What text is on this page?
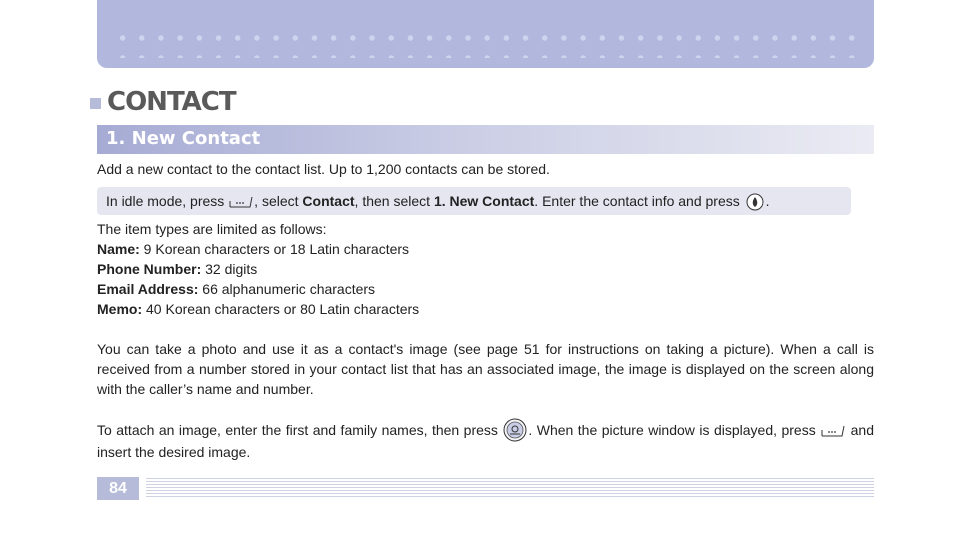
CONTACT
1. New Contact
Add a new contact to the contact list. Up to 1,200 contacts can be stored.
In idle mode, press , select Contact, then select 1. New Contact. Enter the contact info and press .
The item types are limited as follows:
Name: 9 Korean characters or 18 Latin characters
Phone Number: 32 digits
Email Address: 66 alphanumeric characters
Memo: 40 Korean characters or 80 Latin characters
You can take a photo and use it as a contact's image (see page 51 for instructions on taking a picture). When a call is received from a number stored in your contact list that has an associated image, the image is displayed on the screen along with the caller’s name and number.
To attach an image, enter the first and family names, then press . When the picture window is displayed, press  and insert the desired image.
84
